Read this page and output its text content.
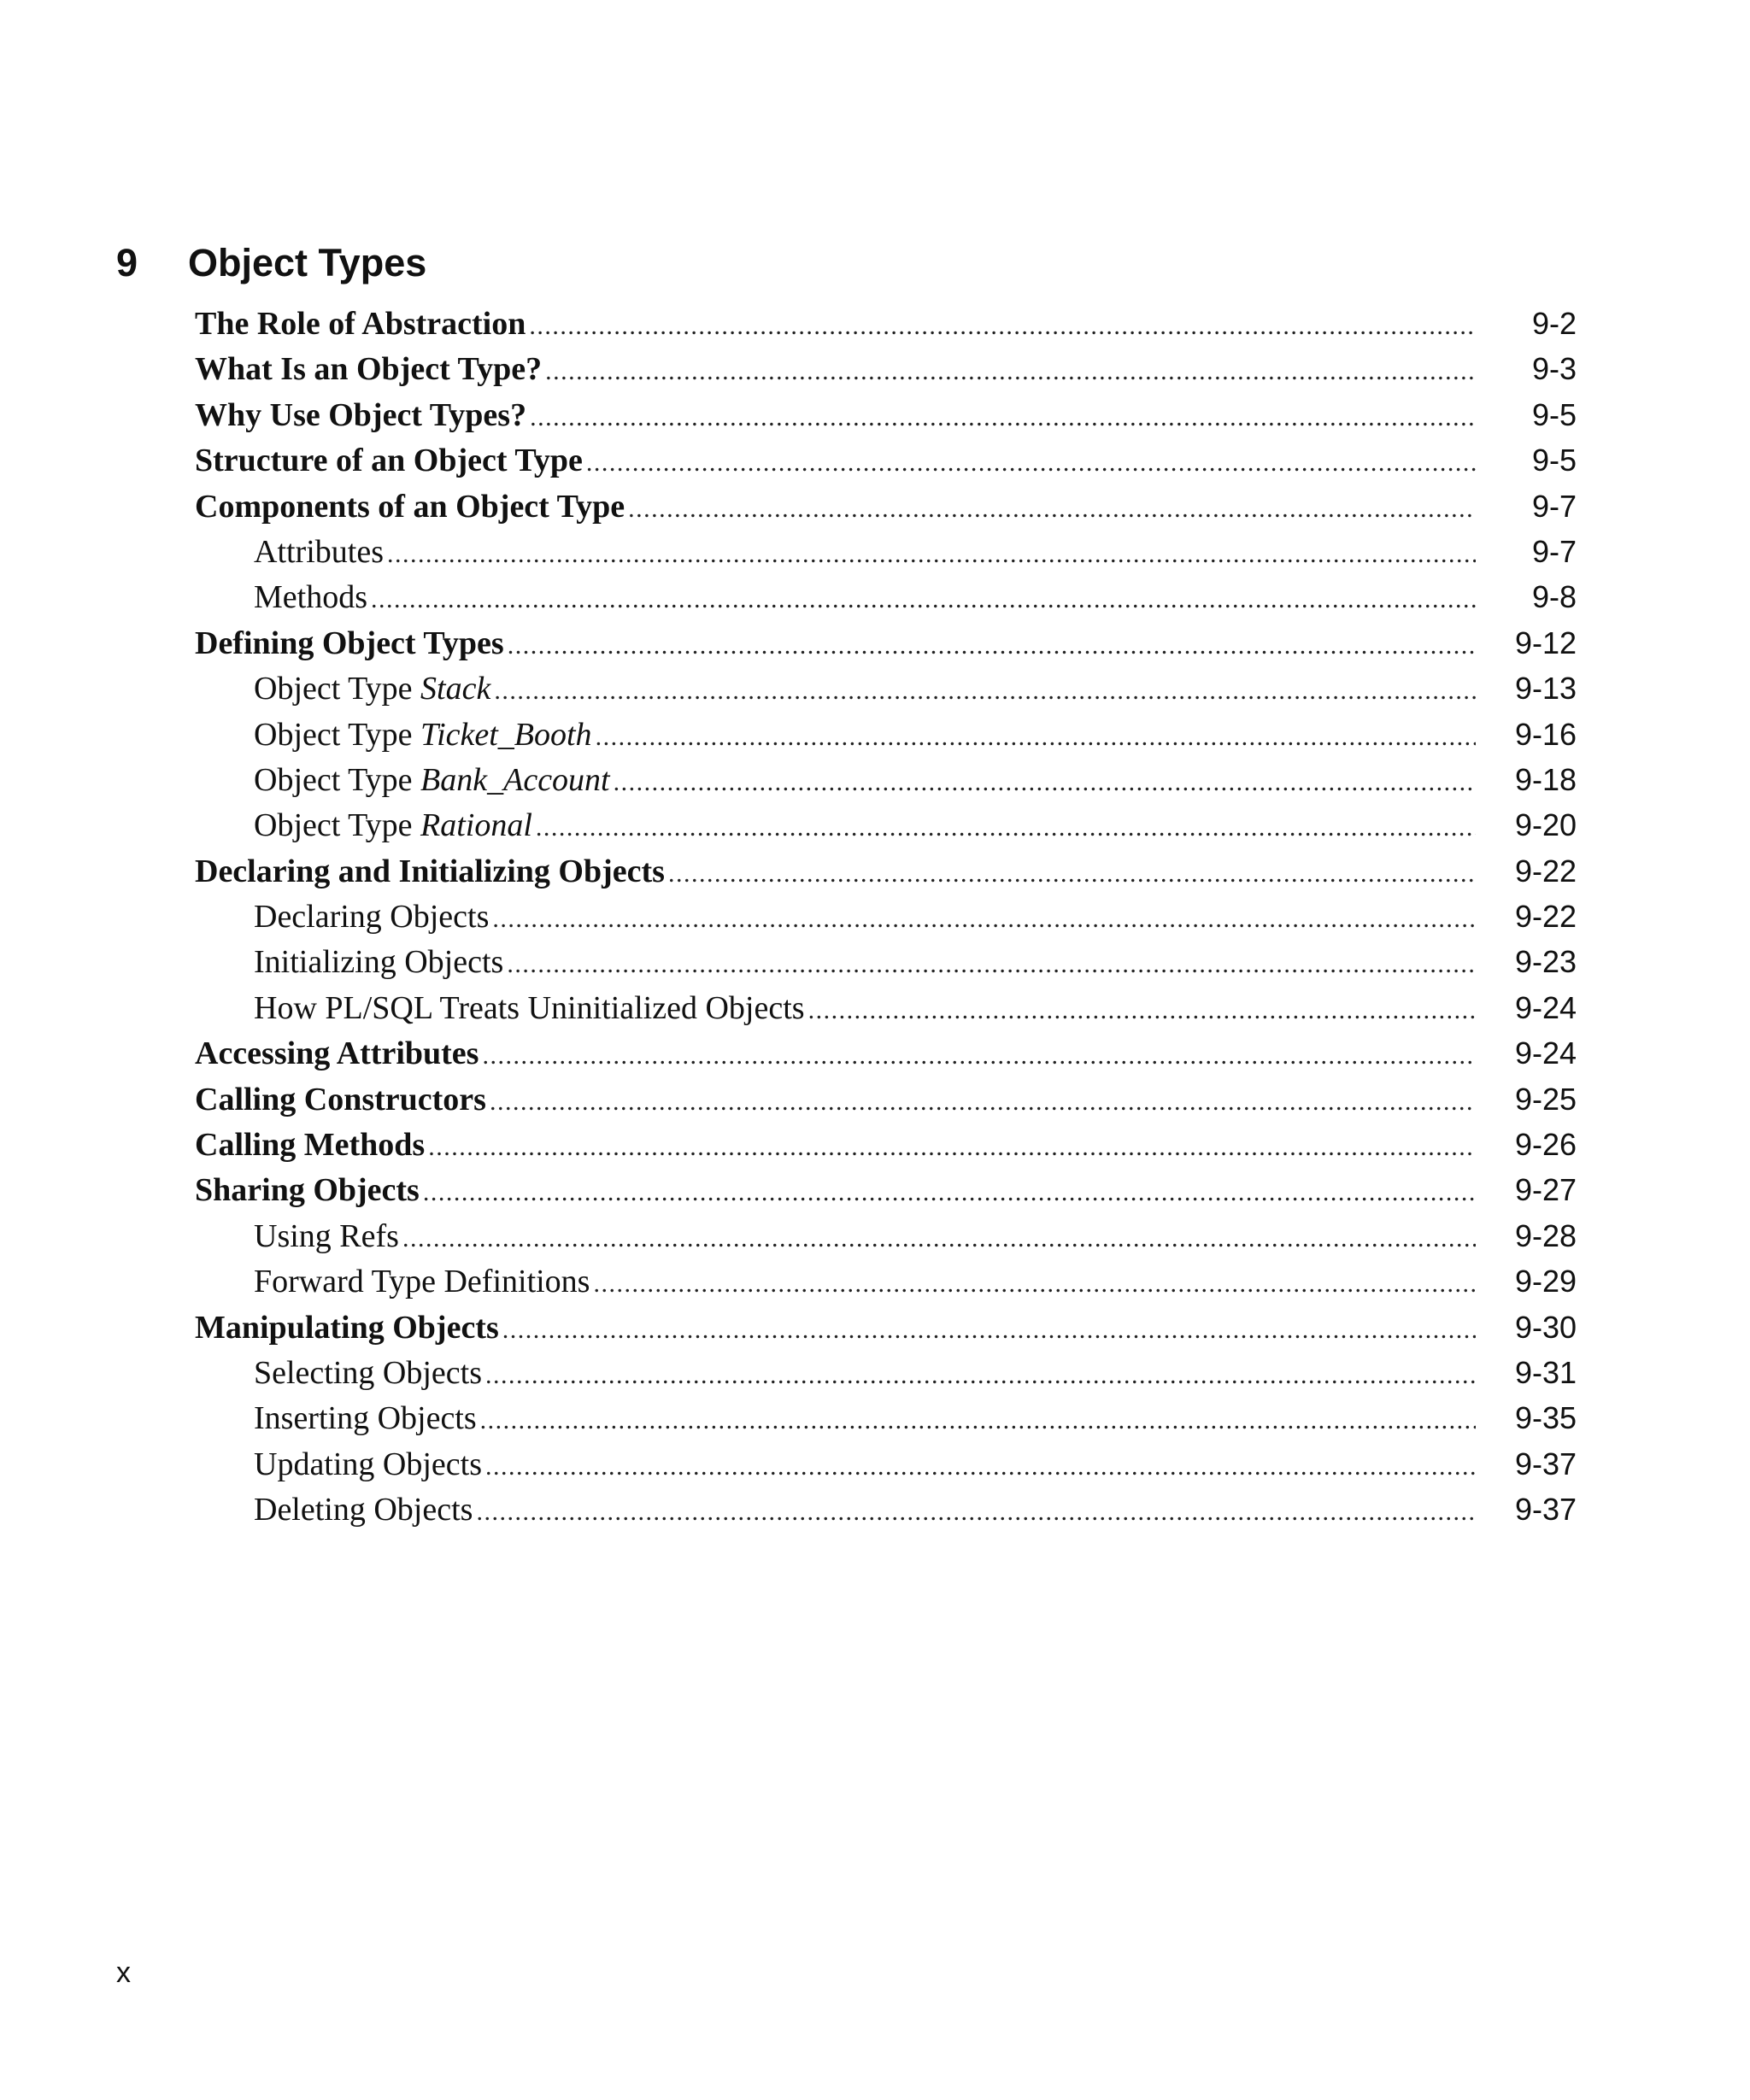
9 Object Types
The Role of Abstraction .....	9-2
What Is an Object Type? .....	9-3
Why Use Object Types? .....	9-5
Structure of an Object Type .....	9-5
Components of an Object Type .....	9-7
Attributes .....	9-7
Methods .....	9-8
Defining Object Types .....	9-12
Object Type Stack .....	9-13
Object Type Ticket_Booth .....	9-16
Object Type Bank_Account .....	9-18
Object Type Rational .....	9-20
Declaring and Initializing Objects .....	9-22
Declaring Objects .....	9-22
Initializing Objects .....	9-23
How PL/SQL Treats Uninitialized Objects .....	9-24
Accessing Attributes .....	9-24
Calling Constructors .....	9-25
Calling Methods .....	9-26
Sharing Objects .....	9-27
Using Refs .....	9-28
Forward Type Definitions .....	9-29
Manipulating Objects .....	9-30
Selecting Objects .....	9-31
Inserting Objects .....	9-35
Updating Objects .....	9-37
Deleting Objects .....	9-37
x
